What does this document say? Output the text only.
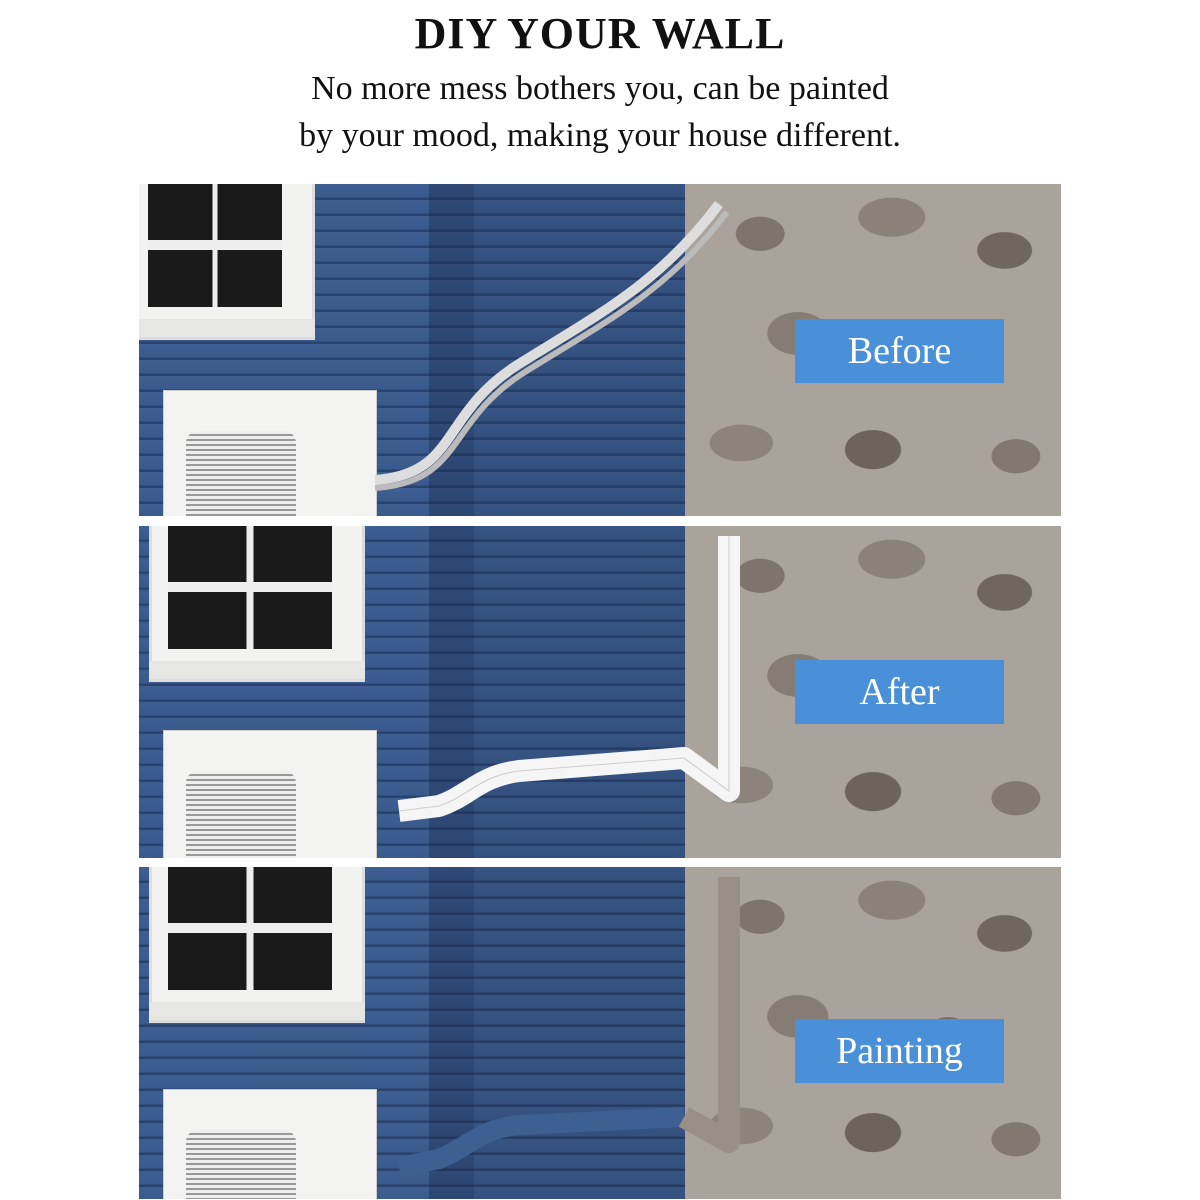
DIY YOUR WALL
No more mess bothers you, can be painted
by your mood, making your house different.
Before
After
Painting
